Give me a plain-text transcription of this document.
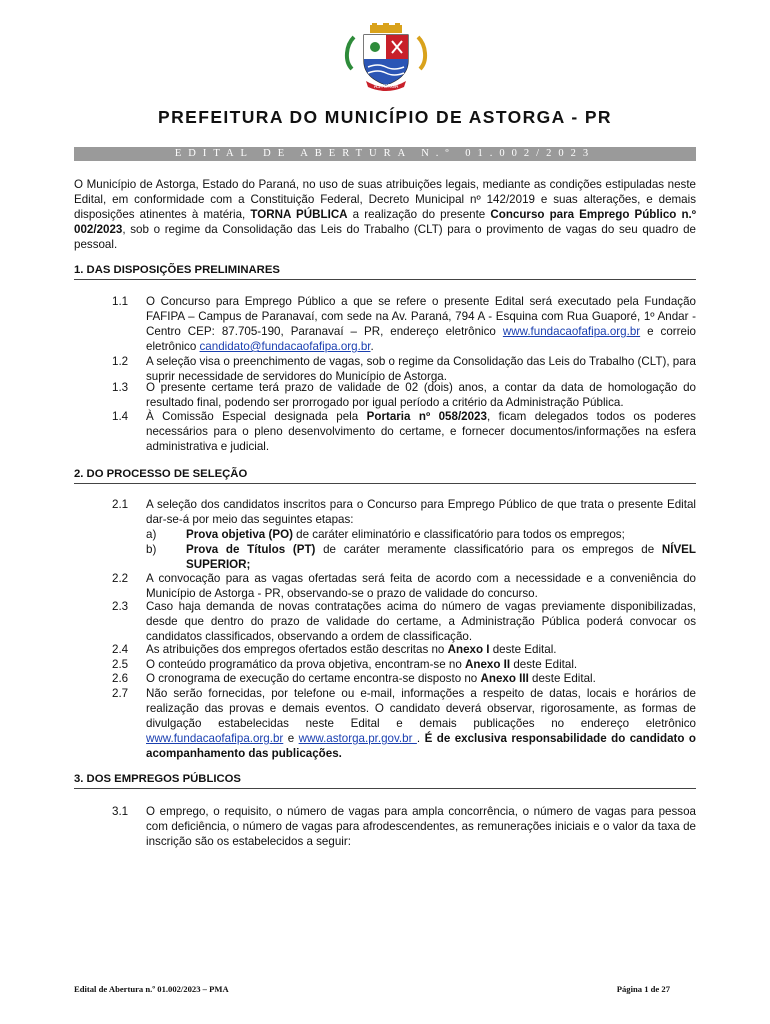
ASTORGA
PREFEITURA DO MUNICÍPIO DE ASTORGA - PR
EDITAL DE ABERTURA N.º 01.002/2023
O Município de Astorga, Estado do Paraná, no uso de suas atribuições legais, mediante as condições estipuladas neste Edital, em conformidade com a Constituição Federal, Decreto Municipal nº 142/2019 e suas alterações, e demais disposições atinentes à matéria, TORNA PÚBLICA a realização do presente Concurso para Emprego Público n.º 002/2023, sob o regime da Consolidação das Leis do Trabalho (CLT) para o provimento de vagas do seu quadro de pessoal.
1. DAS DISPOSIÇÕES PRELIMINARES
1.1 O Concurso para Emprego Público a que se refere o presente Edital será executado pela Fundação FAFIPA – Campus de Paranavaí, com sede na Av. Paraná, 794 A - Esquina com Rua Guaporé, 1º Andar - Centro CEP: 87.705-190, Paranavaí – PR, endereço eletrônico www.fundacaofafipa.org.br e correio eletrônico candidato@fundacaofafipa.org.br.
1.2 A seleção visa o preenchimento de vagas, sob o regime da Consolidação das Leis do Trabalho (CLT), para suprir necessidade de servidores do Município de Astorga.
1.3 O presente certame terá prazo de validade de 02 (dois) anos, a contar da data de homologação do resultado final, podendo ser prorrogado por igual período a critério da Administração Pública.
1.4 À Comissão Especial designada pela Portaria nº 058/2023, ficam delegados todos os poderes necessários para o pleno desenvolvimento do certame, e fornecer documentos/informações na esfera administrativa e judicial.
2. DO PROCESSO DE SELEÇÃO
2.1 A seleção dos candidatos inscritos para o Concurso para Emprego Público de que trata o presente Edital dar-se-á por meio das seguintes etapas:
a)	Prova objetiva (PO) de caráter eliminatório e classificatório para todos os empregos;
b)	Prova de Títulos (PT) de caráter meramente classificatório para os empregos de NÍVEL SUPERIOR;
2.2 A convocação para as vagas ofertadas será feita de acordo com a necessidade e a conveniência do Município de Astorga - PR, observando-se o prazo de validade do concurso.
2.3 Caso haja demanda de novas contratações acima do número de vagas previamente disponibilizadas, desde que dentro do prazo de validade do certame, a Administração Pública poderá convocar os candidatos classificados, observando a ordem de classificação.
2.4 As atribuições dos empregos ofertados estão descritas no Anexo I deste Edital.
2.5 O conteúdo programático da prova objetiva, encontram-se no Anexo II deste Edital.
2.6 O cronograma de execução do certame encontra-se disposto no Anexo III deste Edital.
2.7 Não serão fornecidas, por telefone ou e-mail, informações a respeito de datas, locais e horários de realização das provas e demais eventos. O candidato deverá observar, rigorosamente, as formas de divulgação estabelecidas neste Edital e demais publicações no endereço eletrônico www.fundacaofafipa.org.br e www.astorga.pr.gov.br . É de exclusiva responsabilidade do candidato o acompanhamento das publicações.
3. DOS EMPREGOS PÚBLICOS
3.1 O emprego, o requisito, o número de vagas para ampla concorrência, o número de vagas para pessoa com deficiência, o número de vagas para afrodescendentes, as remunerações iniciais e o valor da taxa de inscrição são os estabelecidos a seguir:
Edital de Abertura n.º 01.002/2023 – PMA	Página 1 de 27
